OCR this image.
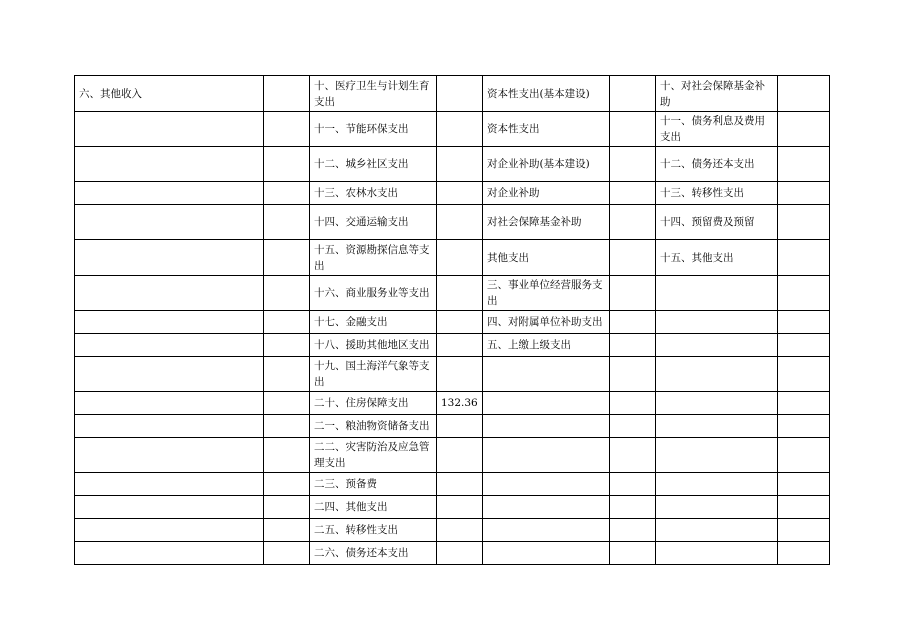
六、其他收入		十、医疗卫生与计划生育支出		资本性支出(基本建设)		十、对社会保障基金补助	
		十一、节能环保支出		资本性支出		十一、债务利息及费用支出	
		十二、城乡社区支出		对企业补助(基本建设)		十二、债务还本支出	
		十三、农林水支出		对企业补助		十三、转移性支出	
		十四、交通运输支出		对社会保障基金补助		十四、预留费及预留	
		十五、资源勘探信息等支出		其他支出		十五、其他支出	
		十六、商业服务业等支出		三、事业单位经营服务支出			
		十七、金融支出		四、对附属单位补助支出			
		十八、援助其他地区支出		五、上缴上级支出			
		十九、国土海洋气象等支出					
		二十、住房保障支出	132.36				
		二一、粮油物资储备支出					
		二二、灾害防治及应急管理支出					
		二三、预备费					
		二四、其他支出					
		二五、转移性支出					
		二六、债务还本支出					
